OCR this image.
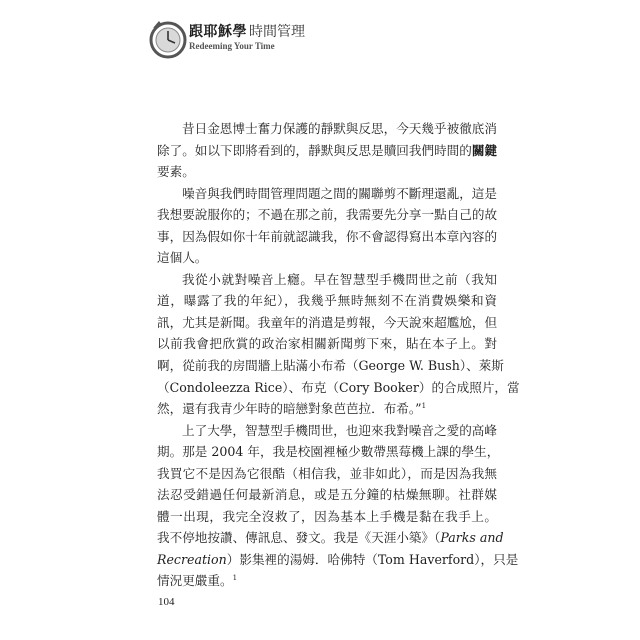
跟耶穌學 時間管理
Redeeming Your Time
昔日金恩博士奮力保護的靜默與反思，今天幾乎被徹底消
除了。如以下即將看到的，靜默與反思是贖回我們時間的關鍵
要素。
噪音與我們時間管理問題之間的關聯剪不斷理還亂，這是
我想要說服你的；不過在那之前，我需要先分享一點自己的故
事，因為假如你十年前就認識我，你不會認得寫出本章內容的
這個人。
我從小就對噪音上癮。早在智慧型手機問世之前（我知
道，曝露了我的年紀），我幾乎無時無刻不在消費娛樂和資
訊，尤其是新聞。我童年的消遣是剪報，今天說來超尷尬，但
以前我會把欣賞的政治家相關新聞剪下來，貼在本子上。對
啊，從前我的房間牆上貼滿小布希（George W. Bush）、萊斯
（Condoleezza Rice）、布克（Cory Booker）的合成照片，當
然，還有我青少年時的暗戀對象芭芭拉．布希。”$^1$
上了大學，智慧型手機問世，也迎來我對噪音之愛的高峰
期。那是 2004 年，我是校園裡極少數帶黑莓機上課的學生，
我買它不是因為它很酷（相信我，並非如此），而是因為我無
法忍受錯過任何最新消息，或是五分鐘的枯燥無聊。社群媒
體一出現，我完全沒救了，因為基本上手機是黏在我手上。
我不停地按讚、傳訊息、發文。我是《天涯小築》（Parks and
Recreation）影集裡的湯姆．哈佛特（Tom Haverford），只是
情況更嚴重。$^1$
104
